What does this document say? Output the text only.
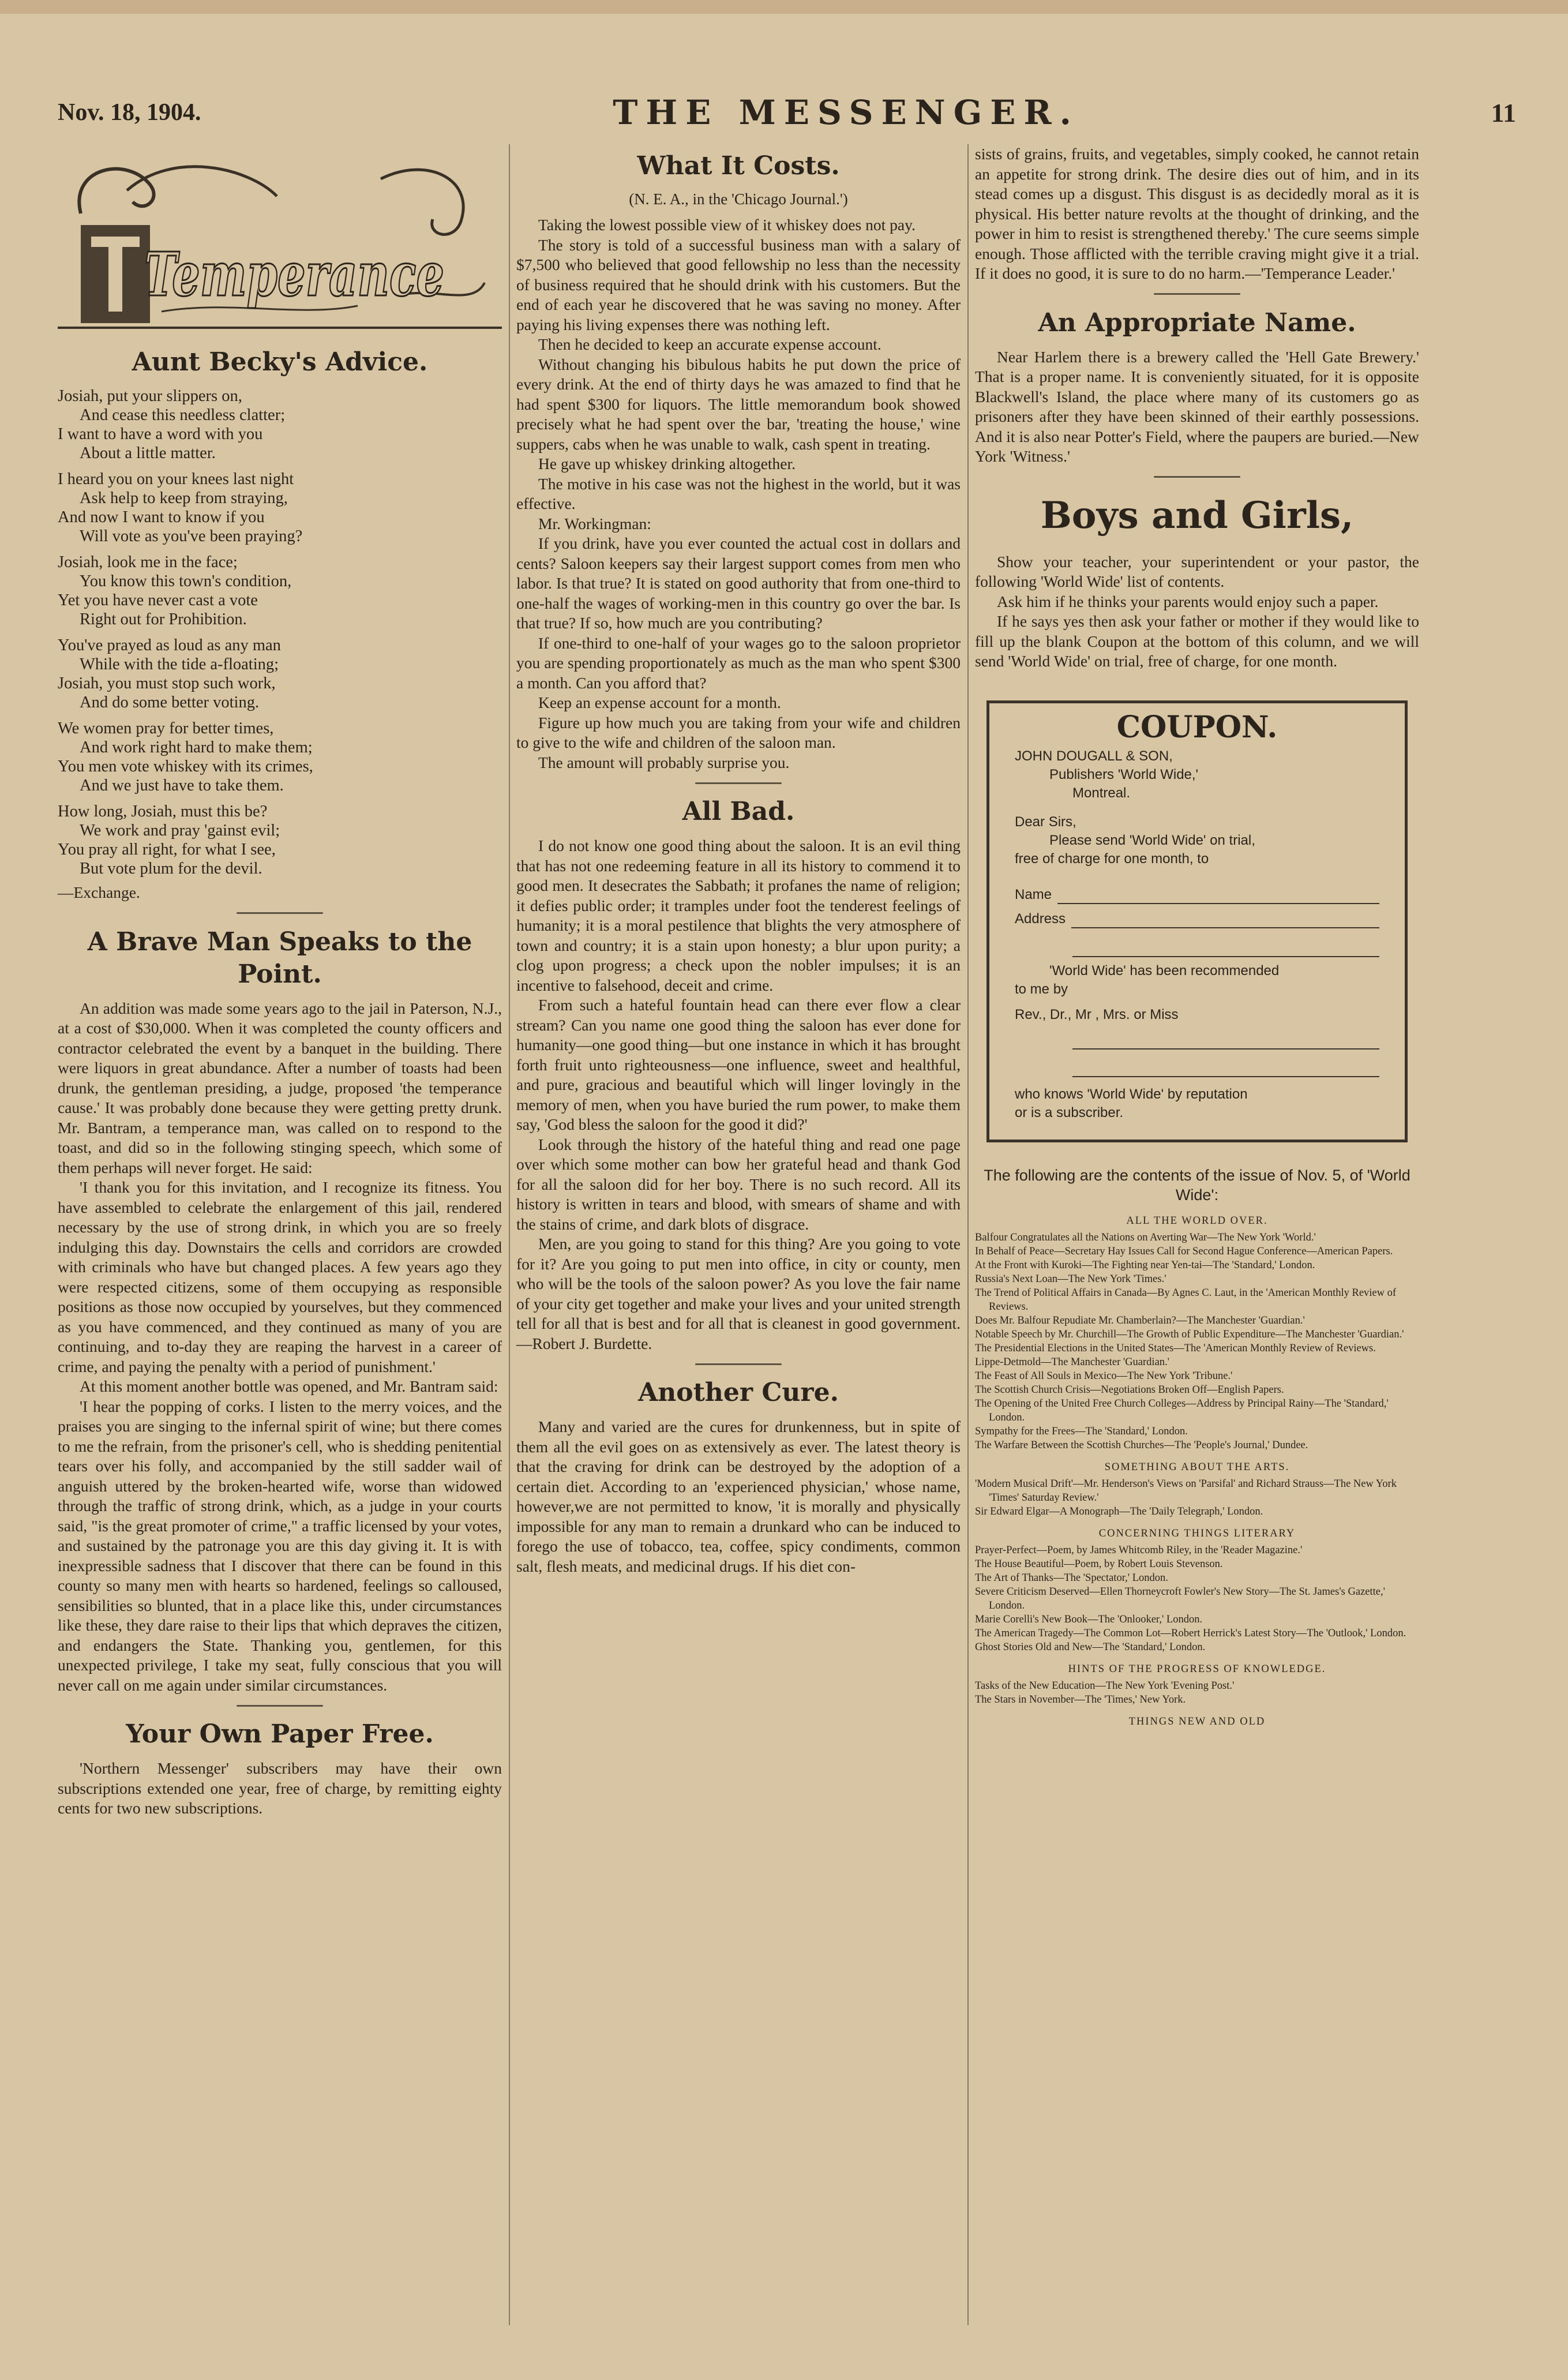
Nov. 18, 1904.	THE MESSENGER.	11
Temperance
Aunt Becky's Advice.
Josiah, put your slippers on,
And cease this needless clatter;
I want to have a word with you
About a little matter.
I heard you on your knees last night
Ask help to keep from straying,
And now I want to know if you
Will vote as you've been praying?
Josiah, look me in the face;
You know this town's condition,
Yet you have never cast a vote
Right out for Prohibition.
You've prayed as loud as any man
While with the tide a-floating;
Josiah, you must stop such work,
And do some better voting.
We women pray for better times,
And work right hard to make them;
You men vote whiskey with its crimes,
And we just have to take them.
How long, Josiah, must this be?
We work and pray 'gainst evil;
You pray all right, for what I see,
But vote plum for the devil.

—Exchange.

A Brave Man Speaks to the Point.

An addition was made some years ago to the jail in Paterson, N.J., at a cost of $30,000. When it was completed the county officers and contractor celebrated the event by a banquet in the building. There were liquors in great abundance. After a number of toasts had been drunk, the gentleman presiding, a judge, proposed 'the temperance cause.' It was probably done because they were getting pretty drunk. Mr. Bantram, a temperance man, was called on to respond to the toast, and did so in the following stinging speech, which some of them perhaps will never forget. He said:

'I thank you for this invitation, and I recognize its fitness. You have assembled to celebrate the enlargement of this jail, rendered necessary by the use of strong drink, in which you are so freely indulging this day. Downstairs the cells and corridors are crowded with criminals who have but changed places. A few years ago they were respected citizens, some of them occupying as responsible positions as those now occupied by yourselves, but they commenced as you have commenced, and they continued as many of you are continuing, and to-day they are reaping the harvest in a career of crime, and paying the penalty with a period of punishment.'

At this moment another bottle was opened, and Mr. Bantram said:

'I hear the popping of corks. I listen to the merry voices, and the praises you are singing to the infernal spirit of wine; but there comes to me the refrain, from the prisoner's cell, who is shedding penitential tears over his folly, and accompanied by the still sadder wail of anguish uttered by the broken-hearted wife, worse than widowed through the traffic of strong drink, which, as a judge in your courts said, "is the great promoter of crime," a traffic licensed by your votes, and sustained by the patronage you are this day giving it. It is with inexpressible sadness that I discover that there can be found in this county so many men with hearts so hardened, feelings so calloused, sensibilities so blunted, that in a place like this, under circumstances like these, they dare raise to their lips that which depraves the citizen, and endangers the State. Thanking you, gentlemen, for this unexpected privilege, I take my seat, fully conscious that you will never call on me again under similar circumstances.

Your Own Paper Free.

'Northern Messenger' subscribers may have their own subscriptions extended one year, free of charge, by remitting eighty cents for two new subscriptions.

What It Costs.
(N. E. A., in the 'Chicago Journal.')

Taking the lowest possible view of it whiskey does not pay.

The story is told of a successful business man with a salary of $7,500 who believed that good fellowship no less than the necessity of business required that he should drink with his customers. But the end of each year he discovered that he was saving no money. After paying his living expenses there was nothing left.

Then he decided to keep an accurate expense account.

Without changing his bibulous habits he put down the price of every drink. At the end of thirty days he was amazed to find that he had spent $300 for liquors. The little memorandum book showed precisely what he had spent over the bar, 'treating the house,' wine suppers, cabs when he was unable to walk, cash spent in treating.

He gave up whiskey drinking altogether.

The motive in his case was not the highest in the world, but it was effective.

Mr. Workingman:

If you drink, have you ever counted the actual cost in dollars and cents? Saloon keepers say their largest support comes from men who labor. Is that true? It is stated on good authority that from one-third to one-half the wages of working-men in this country go over the bar. Is that true? If so, how much are you contributing?

If one-third to one-half of your wages go to the saloon proprietor you are spending proportionately as much as the man who spent $300 a month. Can you afford that?

Keep an expense account for a month.

Figure up how much you are taking from your wife and children to give to the wife and children of the saloon man.

The amount will probably surprise you.

All Bad.

I do not know one good thing about the saloon. It is an evil thing that has not one redeeming feature in all its history to commend it to good men. It desecrates the Sabbath; it profanes the name of religion; it defies public order; it tramples under foot the tenderest feelings of humanity; it is a moral pestilence that blights the very atmosphere of town and country; it is a stain upon honesty; a blur upon purity; a clog upon progress; a check upon the nobler impulses; it is an incentive to falsehood, deceit and crime.

From such a hateful fountain head can there ever flow a clear stream? Can you name one good thing the saloon has ever done for humanity—one good thing—but one instance in which it has brought forth fruit unto righteousness—one influence, sweet and healthful, and pure, gracious and beautiful which will linger lovingly in the memory of men, when you have buried the rum power, to make them say, 'God bless the saloon for the good it did?'

Look through the history of the hateful thing and read one page over which some mother can bow her grateful head and thank God for all the saloon did for her boy. There is no such record. All its history is written in tears and blood, with smears of shame and with the stains of crime, and dark blots of disgrace.

Men, are you going to stand for this thing? Are you going to vote for it? Are you going to put men into office, in city or county, men who will be the tools of the saloon power? As you love the fair name of your city get together and make your lives and your united strength tell for all that is best and for all that is cleanest in good government.—Robert J. Burdette.

Another Cure.

Many and varied are the cures for drunkenness, but in spite of them all the evil goes on as extensively as ever. The latest theory is that the craving for drink can be destroyed by the adoption of a certain diet. According to an 'experienced physician,' whose name, however,we are not permitted to know, 'it is morally and physically impossible for any man to remain a drunkard who can be induced to forego the use of tobacco, tea, coffee, spicy condiments, common salt, flesh meats, and medicinal drugs. If his diet con-

sists of grains, fruits, and vegetables, simply cooked, he cannot retain an appetite for strong drink. The desire dies out of him, and in its stead comes up a disgust. This disgust is as decidedly moral as it is physical. His better nature revolts at the thought of drinking, and the power in him to resist is strengthened thereby.' The cure seems simple enough. Those afflicted with the terrible craving might give it a trial. If it does no good, it is sure to do no harm.—'Temperance Leader.'

An Appropriate Name.

Near Harlem there is a brewery called the 'Hell Gate Brewery.' That is a proper name. It is conveniently situated, for it is opposite Blackwell's Island, the place where many of its customers go as prisoners after they have been skinned of their earthly possessions. And it is also near Potter's Field, where the paupers are buried.—New York 'Witness.'

Boys and Girls,

Show your teacher, your superintendent or your pastor, the following 'World Wide' list of contents.

Ask him if he thinks your parents would enjoy such a paper.

If he says yes then ask your father or mother if they would like to fill up the blank Coupon at the bottom of this column, and we will send 'World Wide' on trial, free of charge, for one month.

COUPON.
JOHN DOUGALL & SON,
Publishers 'World Wide,'
Montreal.
Dear Sirs,
Please send 'World Wide' on trial,
free of charge for one month, to
Name
Address
'World Wide' has been recommended
to me by
Rev., Dr., Mr , Mrs. or Miss
who knows 'World Wide' by reputation
or is a subscriber.
The following are the contents of the issue of Nov. 5, of 'World Wide':
ALL THE WORLD OVER.
Balfour Congratulates all the Nations on Averting War—The New York 'World.'
In Behalf of Peace—Secretary Hay Issues Call for Second Hague Conference—American Papers.
At the Front with Kuroki—The Fighting near Yen-tai—The 'Standard,' London.
Russia's Next Loan—The New York 'Times.'
The Trend of Political Affairs in Canada—By Agnes C. Laut, in the 'American Monthly Review of Reviews.
Does Mr. Balfour Repudiate Mr. Chamberlain?—The Manchester 'Guardian.'
Notable Speech by Mr. Churchill—The Growth of Public Expenditure—The Manchester 'Guardian.'
The Presidential Elections in the United States—The 'American Monthly Review of Reviews.
Lippe-Detmold—The Manchester 'Guardian.'
The Feast of All Souls in Mexico—The New York 'Tribune.'
The Scottish Church Crisis—Negotiations Broken Off—English Papers.
The Opening of the United Free Church Colleges—Address by Principal Rainy—The 'Standard,' London.
Sympathy for the Frees—The 'Standard,' London.
The Warfare Between the Scottish Churches—The 'People's Journal,' Dundee.
SOMETHING ABOUT THE ARTS.
'Modern Musical Drift'—Mr. Henderson's Views on 'Parsifal' and Richard Strauss—The New York 'Times' Saturday Review.'
Sir Edward Elgar—A Monograph—The 'Daily Telegraph,' London.
CONCERNING THINGS LITERARY
Prayer-Perfect—Poem, by James Whitcomb Riley, in the 'Reader Magazine.'
The House Beautiful—Poem, by Robert Louis Stevenson.
The Art of Thanks—The 'Spectator,' London.
Severe Criticism Deserved—Ellen Thorneycroft Fowler's New Story—The St. James's Gazette,' London.
Marie Corelli's New Book—The 'Onlooker,' London.
The American Tragedy—The Common Lot—Robert Herrick's Latest Story—The 'Outlook,' London.
Ghost Stories Old and New—The 'Standard,' London.
HINTS OF THE PROGRESS OF KNOWLEDGE.
Tasks of the New Education—The New York 'Evening Post.'
The Stars in November—The 'Times,' New York.
THINGS NEW AND OLD
